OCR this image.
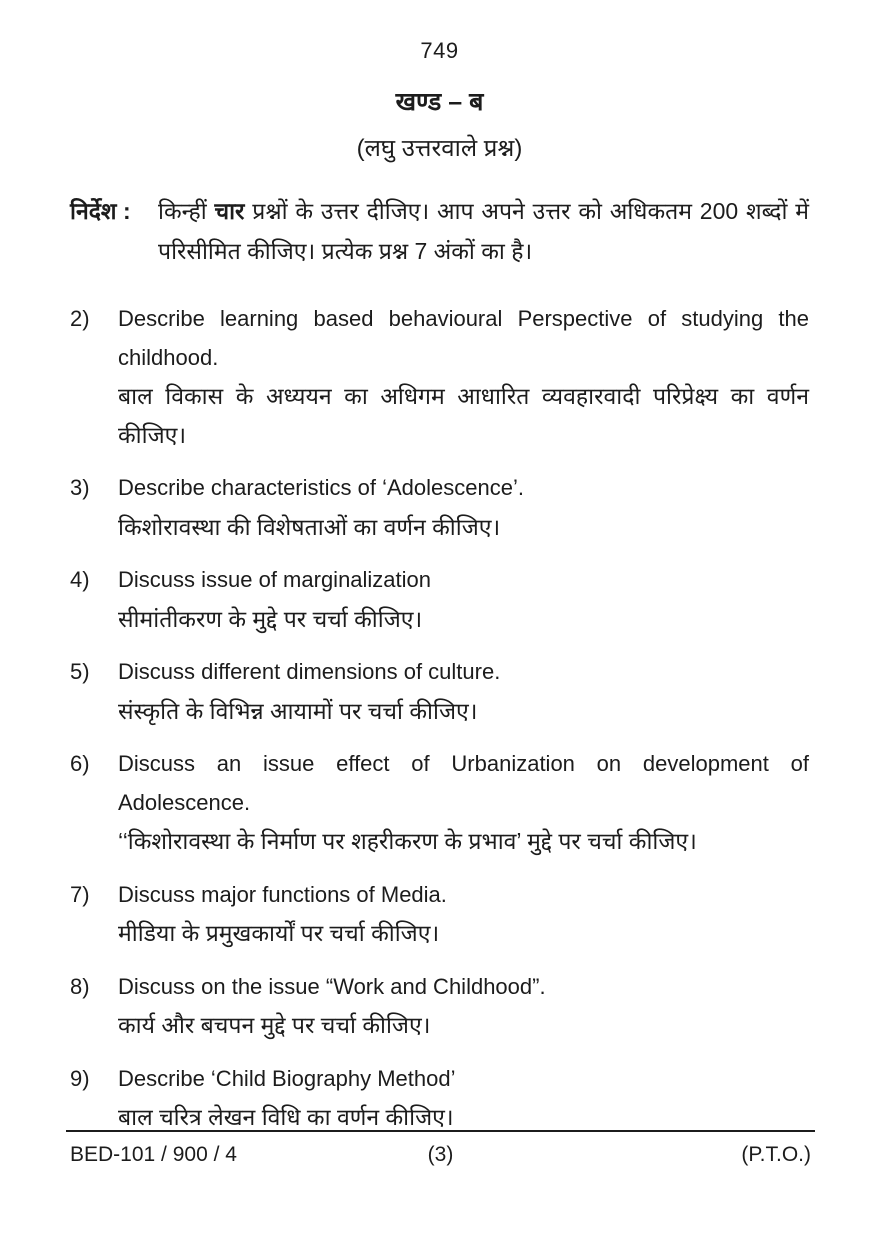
749
खण्ड – ब
(लघु उत्तरवाले प्रश्न)
निर्देश :	किन्हीं चार प्रश्नों के उत्तर दीजिए। आप अपने उत्तर को अधिकतम 200 शब्दों में परिसीमित कीजिए। प्रत्येक प्रश्न 7 अंकों का है।
2)	Describe learning based behavioural Perspective of studying the childhood.
बाल विकास के अध्ययन का अधिगम आधारित व्यवहारवादी परिप्रेक्ष्य का वर्णन कीजिए।
3)	Describe characteristics of ‘Adolescence’.
किशोरावस्था की विशेषताओं का वर्णन कीजिए।
4)	Discuss issue of marginalization
सीमांतीकरण के मुद्दे पर चर्चा कीजिए।
5)	Discuss different dimensions of culture.
संस्कृति के विभिन्न आयामों पर चर्चा कीजिए।
6)	Discuss an issue effect of Urbanization on development of Adolescence.
‘‘किशोरावस्था के निर्माण पर शहरीकरण के प्रभाव’ मुद्दे पर चर्चा कीजिए।
7)	Discuss major functions of Media.
मीडिया के प्रमुखकार्यों पर चर्चा कीजिए।
8)	Discuss on the issue “Work and Childhood”.
कार्य और बचपन मुद्दे पर चर्चा कीजिए।
9)	Describe ‘Child Biography Method’
बाल चरित्र लेखन विधि का वर्णन कीजिए।
(3)
BED-101 / 900 / 4	(P.T.O.)
